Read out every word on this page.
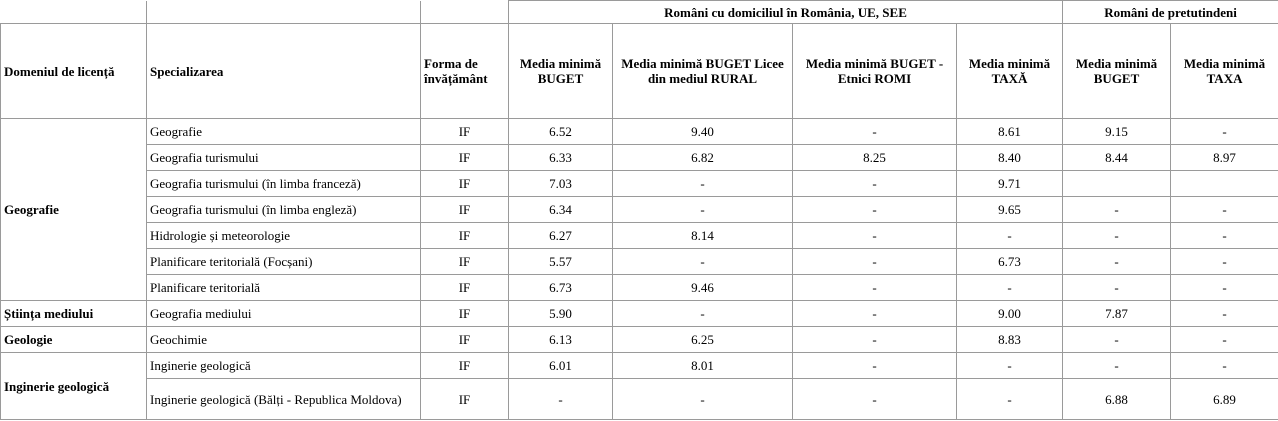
			Români cu domiciliul în România, UE, SEE				Români de pretutindeni	
Domeniul de licență	Specializarea	Forma de învățământ	Media minimă BUGET	Media minimă BUGET Licee din mediul RURAL	Media minimă BUGET - Etnici ROMI	Media minimă TAXĂ	Media minimă BUGET	Media minimă TAXA
Geografie	Geografie	IF	6.52	9.40	-	8.61	9.15	-
	Geografia turismului	IF	6.33	6.82	8.25	8.40	8.44	8.97
	Geografia turismului (în limba franceză)	IF	7.03	-	-	9.71		
	Geografia turismului (în limba engleză)	IF	6.34	-	-	9.65	-	-
	Hidrologie și meteorologie	IF	6.27	8.14	-	-	-	-
	Planificare teritorială (Focșani)	IF	5.57	-	-	6.73	-	-
	Planificare teritorială	IF	6.73	9.46	-	-	-	-
Știința mediului	Geografia mediului	IF	5.90	-	-	9.00	7.87	-
Geologie	Geochimie	IF	6.13	6.25	-	8.83	-	-
Inginerie geologică	Inginerie geologică	IF	6.01	8.01	-	-	-	-
	Inginerie geologică (Bălți - Republica Moldova)	IF	-	-	-	-	6.88	6.89
